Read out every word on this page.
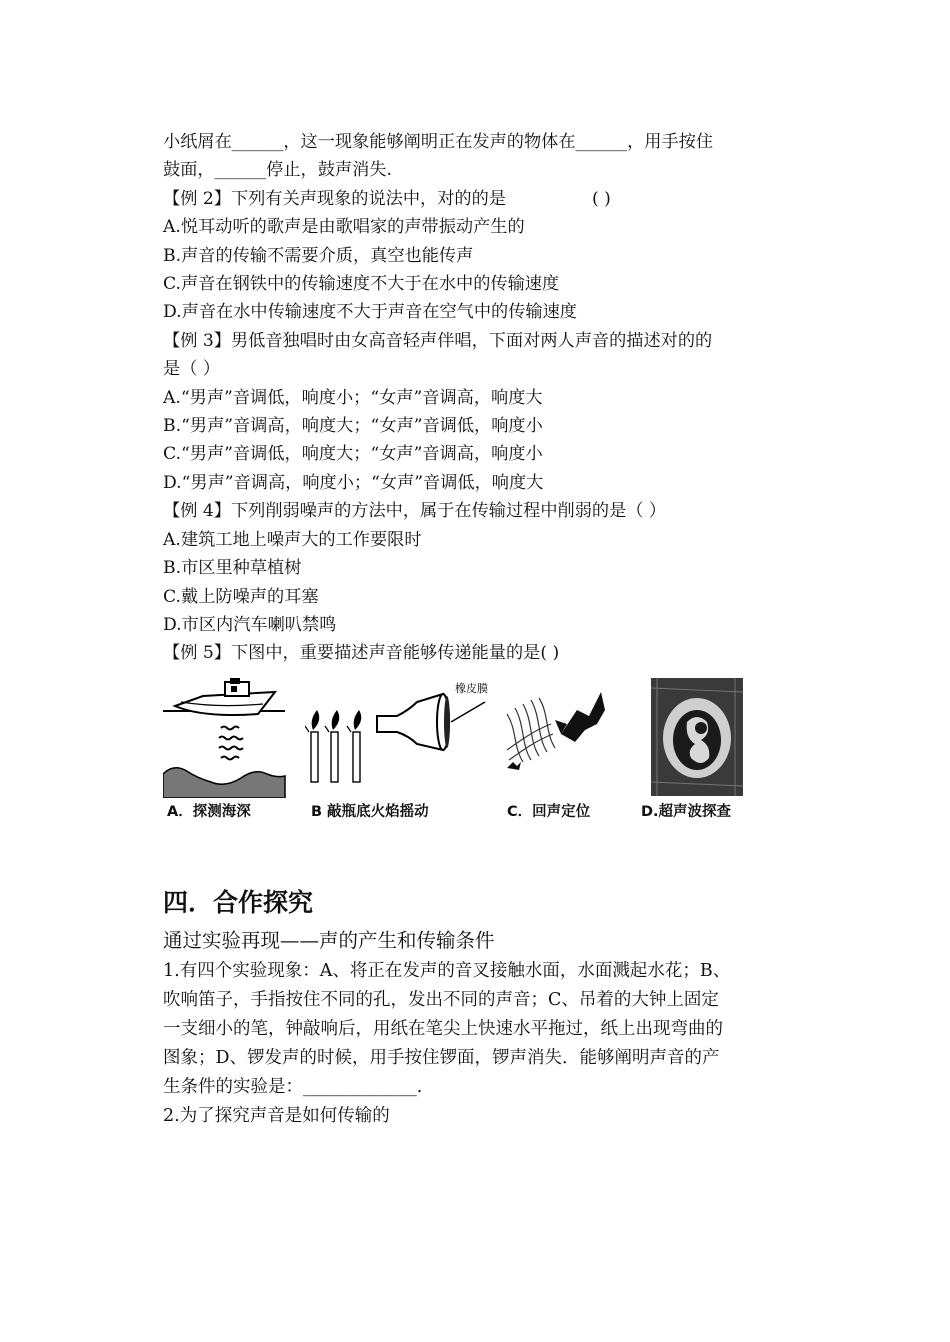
小纸屑在______，这一现象能够阐明正在发声的物体在______，用手按住
鼓面，______停止，鼓声消失.
【例 2】下列有关声现象的说法中，对的的是	( )
A.悦耳动听的歌声是由歌唱家的声带振动产生的
B.声音的传输不需要介质，真空也能传声
C.声音在钢铁中的传输速度不大于在水中的传输速度
D.声音在水中传输速度不大于声音在空气中的传输速度
【例 3】男低音独唱时由女高音轻声伴唱，下面对两人声音的描述对的的
是（ ）
A.“男声”音调低，响度小；“女声”音调高，响度大
B.“男声”音调高，响度大；“女声”音调低，响度小
C.“男声”音调低，响度大；“女声”音调高，响度小
D.“男声”音调高，响度小；“女声”音调低，响度大
【例 4】下列削弱噪声的方法中，属于在传输过程中削弱的是（ ）
A.建筑工地上噪声大的工作要限时
B.市区里种草植树
C.戴上防噪声的耳塞
D.市区内汽车喇叭禁鸣
【例 5】下图中，重要描述声音能够传递能量的是( )
A．探测海深
橡皮膜
B 敲瓶底火焰摇动	C．回声定位	D.超声波探查
四．合作探究
通过实验再现——声的产生和传输条件
1.有四个实验现象：A、将正在发声的音叉接触水面，水面溅起水花；B、
吹响笛子，手指按住不同的孔，发出不同的声音；C、吊着的大钟上固定
一支细小的笔，钟敲响后，用纸在笔尖上快速水平拖过，纸上出现弯曲的
图象；D、锣发声的时候，用手按住锣面，锣声消失．能够阐明声音的产
生条件的实验是：_____________.
2.为了探究声音是如何传输的
